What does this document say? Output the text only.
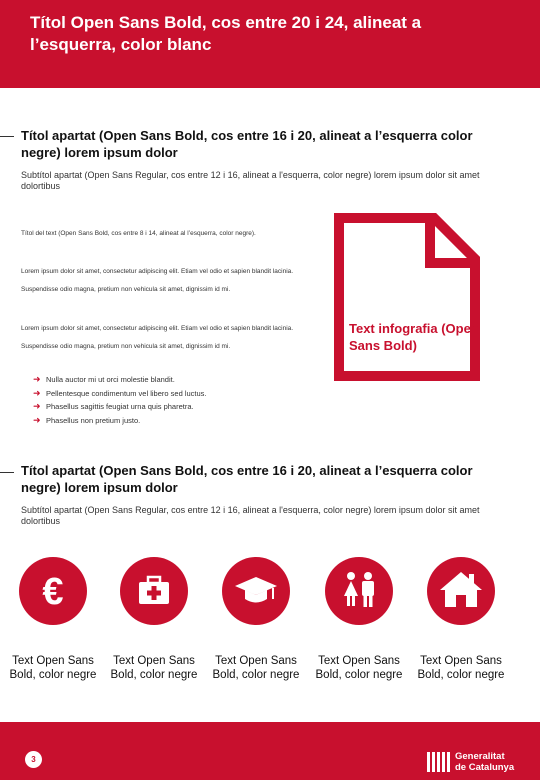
Títol Open Sans Bold, cos entre 20 i 24, alineat a l’esquerra, color blanc
Títol apartat (Open Sans Bold, cos entre 16 i 20, alineat a l’esquerra color negre) lorem ipsum dolor
Subtítol apartat (Open Sans Regular, cos entre 12 i 16, alineat a l'esquerra, color negre) lorem ipsum dolor sit amet dolortibus
Títol del text (Open Sans Bold, cos entre 8 i 14, alineat al l’esquerra, color negre).
Lorem ipsum dolor sit amet, consectetur adipiscing elit. Etiam vel odio et sapien blandit lacinia. Suspendisse odio magna, pretium non vehicula sit amet, dignissim id mi.
Lorem ipsum dolor sit amet, consectetur adipiscing elit. Etiam vel odio et sapien blandit lacinia. Suspendisse odio magna, pretium non vehicula sit amet, dignissim id mi.
➜ Nulla auctor mi ut orci molestie blandit.
➜ Pellentesque condimentum vel libero sed luctus.
➜ Phasellus sagittis feugiat urna quis pharetra.
➜ Phasellus non pretium justo.
Text infografia (Open Sans Bold)
Títol apartat (Open Sans Bold, cos entre 16 i 20, alineat a l’esquerra color negre) lorem ipsum dolor
Subtítol apartat (Open Sans Regular, cos entre 12 i 16, alineat a l'esquerra, color negre) lorem ipsum dolor sit amet dolortibus
€
Text Open Sans Bold, color negre
Text Open Sans Bold, color negre
Text Open Sans Bold, color negre
Text Open Sans Bold, color negre
Text Open Sans Bold, color negre
3	Generalitat
de Catalunya
